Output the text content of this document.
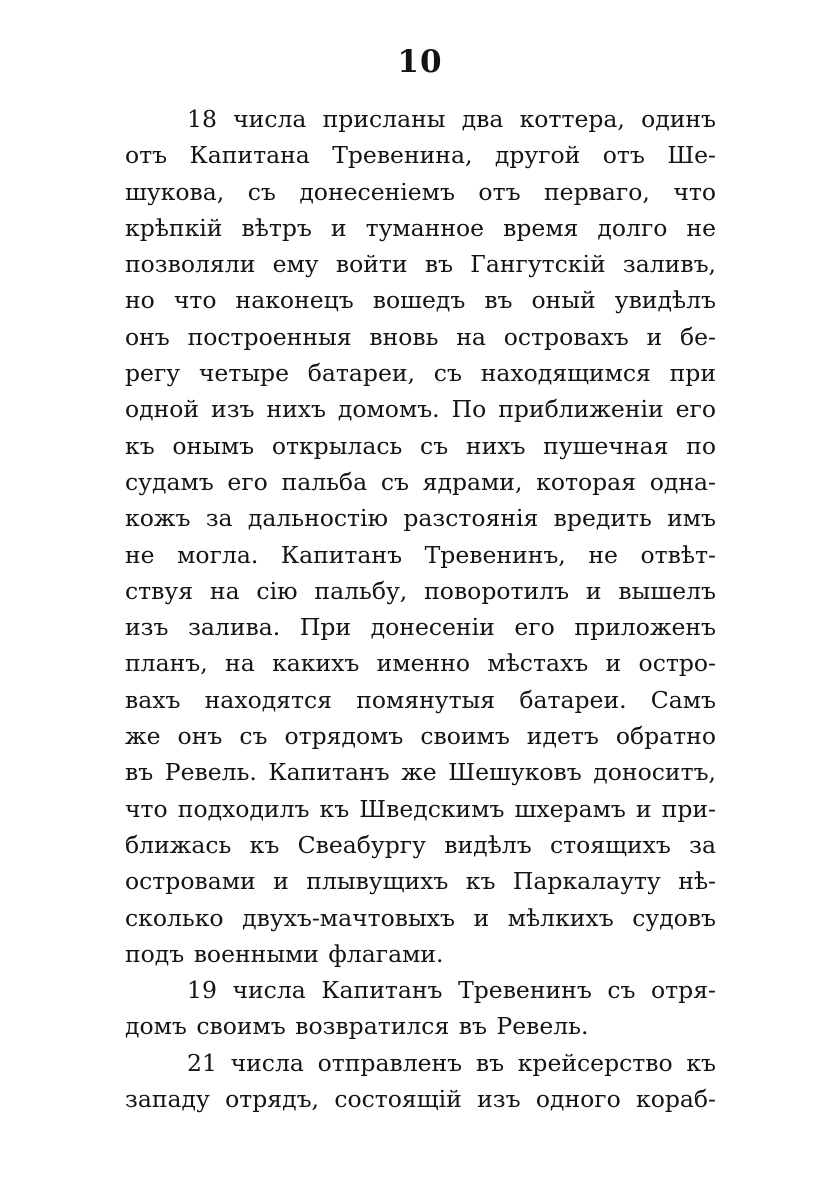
10
18 числа присланы два коттера, одинъ
отъ Капитана Тревенина, другой отъ Ше-
шукова, съ донесеніемъ отъ перваго, что
крѣпкій вѣтръ и туманное время долго не
позволяли ему войти въ Гангутскій заливъ,
но что наконецъ вошедъ въ оный увидѣлъ
онъ построенныя вновь на островахъ и бе-
регу четыре батареи, съ находящимся при
одной изъ нихъ домомъ. По приближеніи его
къ онымъ открылась съ нихъ пушечная по
судамъ его пальба съ ядрами, которая одна-
кожъ за дальностію разстоянія вредить имъ
не могла. Капитанъ Тревенинъ, не отвѣт-
ствуя на сію пальбу, поворотилъ и вышелъ
изъ залива. При донесеніи его приложенъ
планъ, на какихъ именно мѣстахъ и остро-
вахъ находятся помянутыя батареи. Самъ
же онъ съ отрядомъ своимъ идетъ обратно
въ Ревель. Капитанъ же Шешуковъ доноситъ,
что подходилъ къ Шведскимъ шхерамъ и при-
ближась къ Свеабургу видѣлъ стоящихъ за
островами и плывущихъ къ Паркалауту нѣ-
сколько двухъ-мачтовыхъ и мѣлкихъ судовъ
подъ военными флагами.
19 числа Капитанъ Тревенинъ съ отря-
домъ своимъ возвратился въ Ревель.
21 числа отправленъ въ крейсерство къ
западу отрядъ, состоящій изъ одного кораб-
